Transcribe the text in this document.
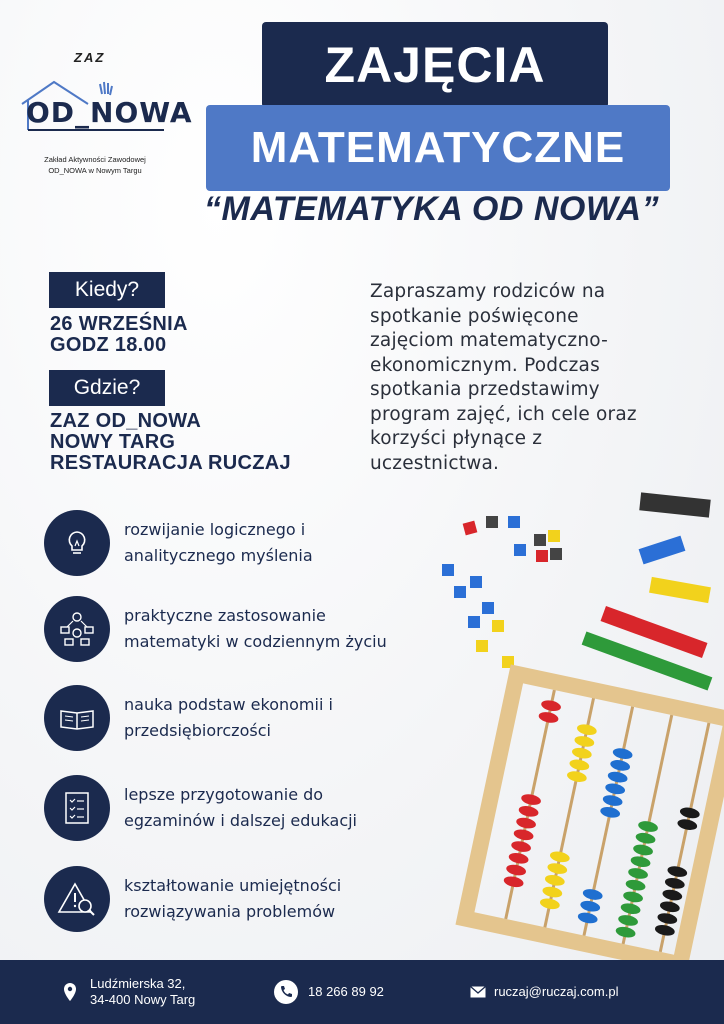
ZAZ
OD_NOWA
Zakład Aktywności Zawodowej
OD_NOWA w Nowym Targu
ZAJĘCIA
MATEMATYCZNE
“MATEMATYKA OD NOWA”
Kiedy?
26 WRZEŚNIA
GODZ 18.00
Gdzie?
ZAZ OD_NOWA
NOWY TARG
RESTAURACJA RUCZAJ
Zapraszamy rodziców na spotkanie poświęcone zajęciom matematyczno-ekonomicznym. Podczas spotkania przedstawimy program zajęć, ich cele oraz korzyści płynące z uczestnictwa.
rozwijanie logicznego i
analitycznego myślenia
praktyczne zastosowanie
matematyki w codziennym życiu
nauka podstaw ekonomii i
przedsiębiorczości
lepsze przygotowanie do
egzaminów i dalszej edukacji
kształtowanie umiejętności
rozwiązywania problemów
Ludźmierska 32,
34-400 Nowy Targ
18 266 89 92	ruczaj@ruczaj.com.pl
